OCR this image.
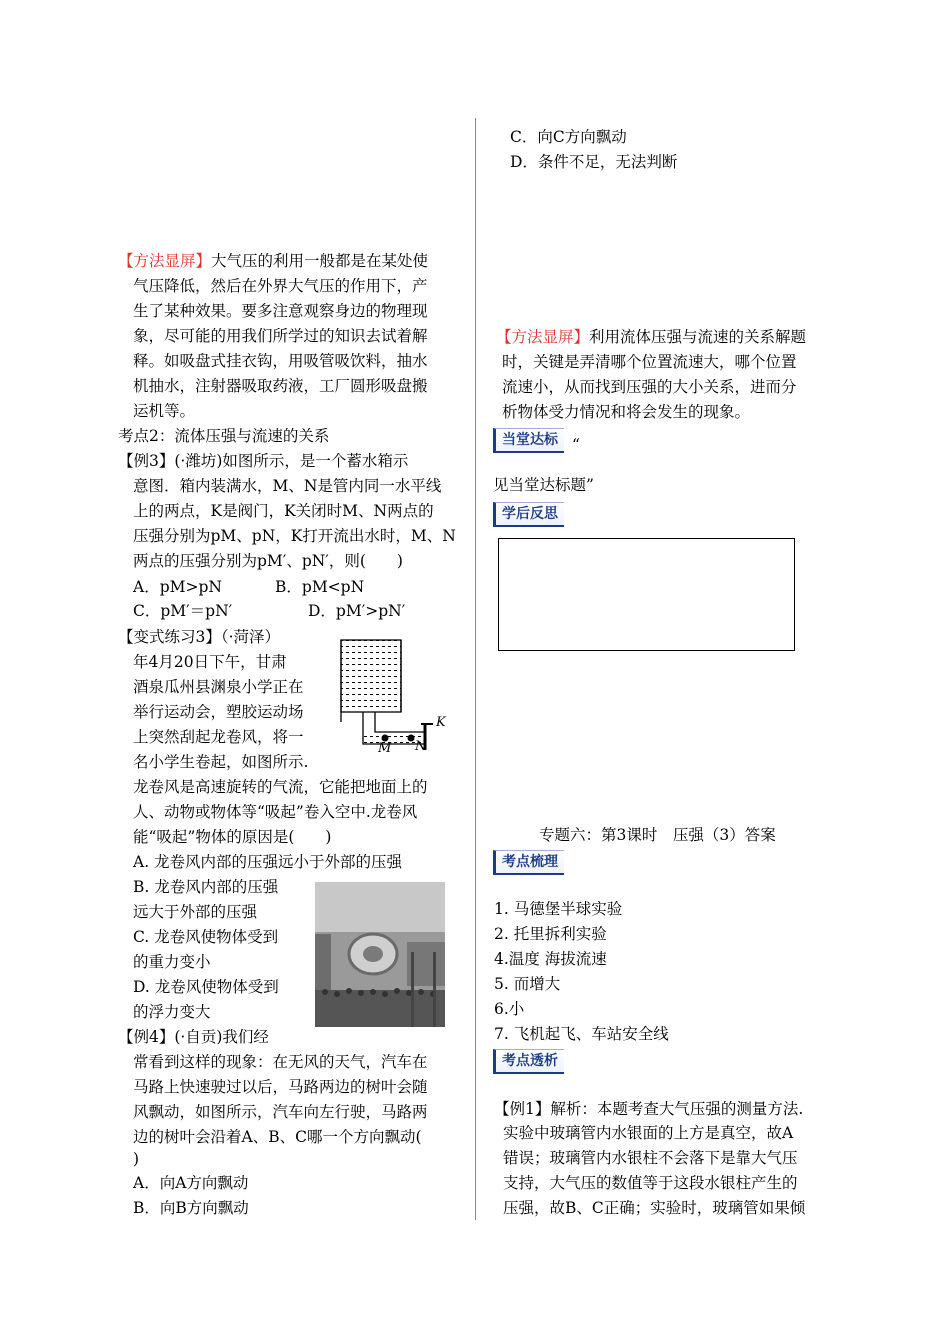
【方法显屏】大气压的利用一般都是在某处使
气压降低，然后在外界大气压的作用下，产
生了某种效果。要多注意观察身边的物理现
象，尽可能的用我们所学过的知识去试着解
释。如吸盘式挂衣钩，用吸管吸饮料，抽水
机抽水，注射器吸取药液，工厂圆形吸盘搬
运机等。
考点2：流体压强与流速的关系
【例3】(·潍坊)如图所示，是一个蓄水箱示
意图．箱内装满水，M、N是管内同一水平线
上的两点，K是阀门，K关闭时M、N两点的
压强分别为pM、pN，K打开流出水时，M、N
两点的压强分别为pM′、pN′，则(　　)
A．pM>pN	B．pM<pN
C．pM′＝pN′	D．pM′>pN′
K
M N
【变式练习3】（·菏泽）
年4月20日下午，甘肃
酒泉瓜州县渊泉小学正在
举行运动会，塑胶运动场
上突然刮起龙卷风，将一
名小学生卷起，如图所示.
龙卷风是高速旋转的气流，它能把地面上的
人、动物或物体等“吸起”卷入空中.龙卷风
能“吸起”物体的原因是(　　)
A. 龙卷风内部的压强远小于外部的压强
B. 龙卷风内部的压强
远大于外部的压强
C. 龙卷风使物体受到
的重力变小
D. 龙卷风使物体受到
的浮力变大
【例4】(·自贡)我们经
常看到这样的现象：在无风的天气，汽车在
马路上快速驶过以后，马路两边的树叶会随
风飘动，如图所示，汽车向左行驶，马路两
边的树叶会沿着A、B、C哪一个方向飘动(
)
A．向A方向飘动
B．向B方向飘动
C．向C方向飘动
D．条件不足，无法判断
【方法显屏】利用流体压强与流速的关系解题
时，关键是弄清哪个位置流速大，哪个位置
流速小，从而找到压强的大小关系，进而分
析物体受力情况和将会发生的现象。
当堂达标 “
见当堂达标题”
学后反思
专题六：第3课时　压强（3）答案
考点梳理
1. 马德堡半球实验
2. 托里拆利实验
4.温度 海拔流速
5. 而增大
6.小
7. 飞机起飞、车站安全线
考点透析
【例1】解析：本题考查大气压强的测量方法.
实验中玻璃管内水银面的上方是真空，故A
错误；玻璃管内水银柱不会落下是靠大气压
支持，大气压的数值等于这段水银柱产生的
压强，故B、C正确；实验时，玻璃管如果倾
